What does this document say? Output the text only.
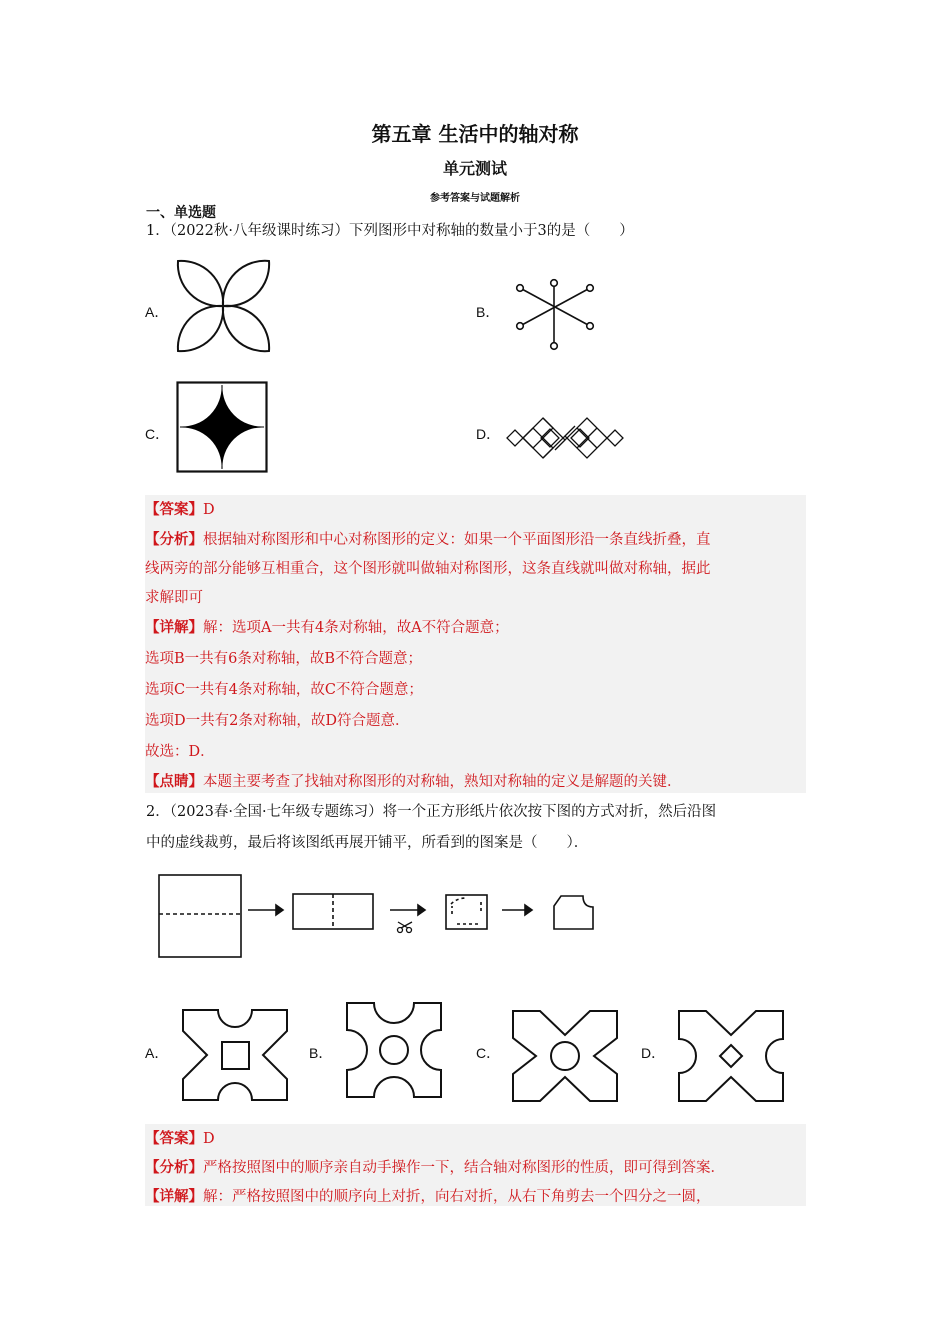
第五章 生活中的轴对称
单元测试
参考答案与试题解析
一、单选题
1．（2022秋·八年级课时练习）下列图形中对称轴的数量小于3的是（　　）
A．	B．
C．	D．
【答案】D
【分析】根据轴对称图形和中心对称图形的定义：如果一个平面图形沿一条直线折叠，直
线两旁的部分能够互相重合，这个图形就叫做轴对称图形，这条直线就叫做对称轴，据此
求解即可
【详解】解：选项A一共有4条对称轴，故A不符合题意；
选项B一共有6条对称轴，故B不符合题意；
选项C一共有4条对称轴，故C不符合题意；
选项D一共有2条对称轴，故D符合题意．
故选：D．
【点睛】本题主要考查了找轴对称图形的对称轴，熟知对称轴的定义是解题的关键．
2．（2023春·全国·七年级专题练习）将一个正方形纸片依次按下图的方式对折，然后沿图
中的虚线裁剪，最后将该图纸再展开铺平，所看到的图案是（　　）．
A．	B．	C．	D．
【答案】D
【分析】严格按照图中的顺序亲自动手操作一下，结合轴对称图形的性质，即可得到答案．
【详解】解：严格按照图中的顺序向上对折，向右对折，从右下角剪去一个四分之一圆，
